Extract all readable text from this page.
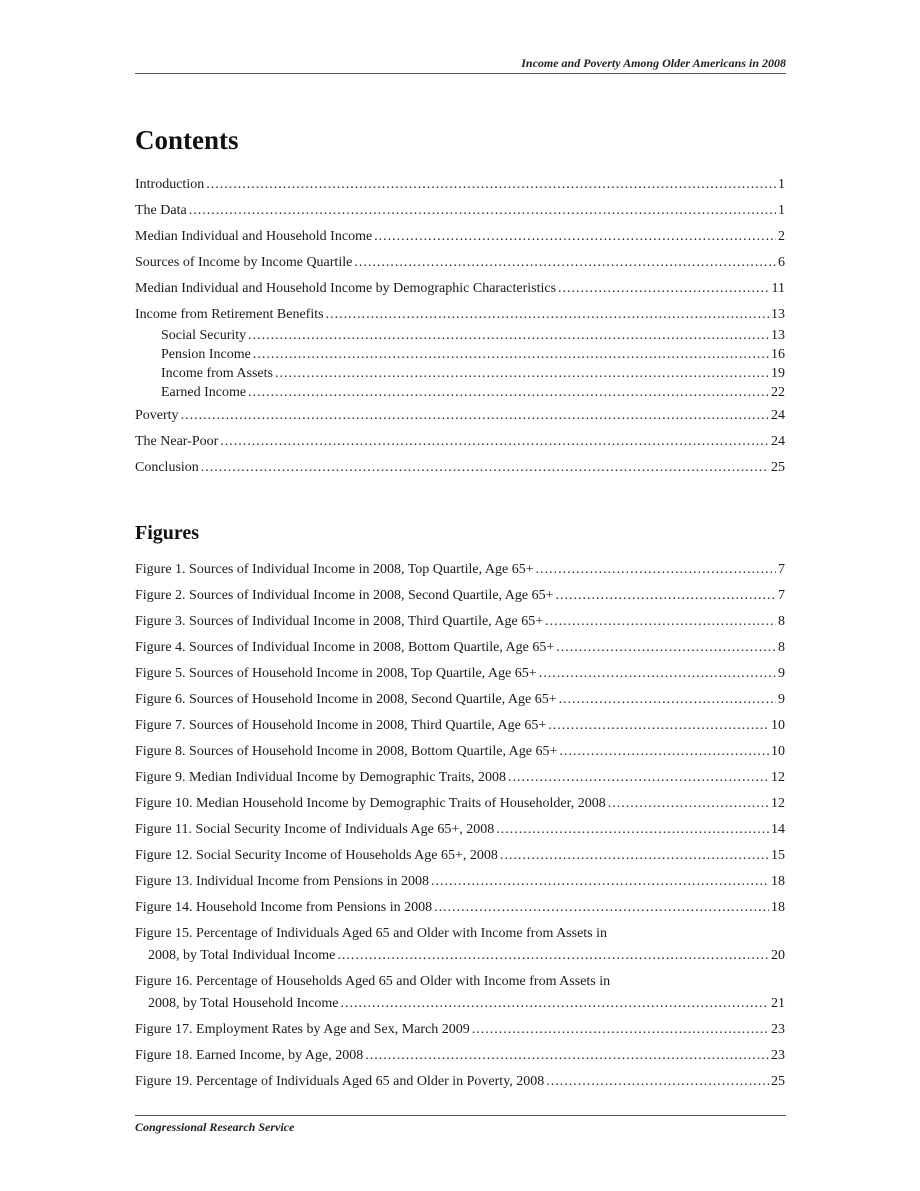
Income and Poverty Among Older Americans in 2008
Contents
Introduction .....	1
The Data .....	1
Median Individual and Household Income .....	2
Sources of Income by Income Quartile .....	6
Median Individual and Household Income by Demographic Characteristics .....	11
Income from Retirement Benefits .....	13
Social Security .....	13
Pension Income .....	16
Income from Assets .....	19
Earned Income .....	22
Poverty .....	24
The Near-Poor .....	24
Conclusion .....	25
Figures
Figure 1. Sources of Individual Income in 2008, Top Quartile, Age 65+ .....	7
Figure 2. Sources of Individual Income in 2008, Second Quartile, Age 65+ .....	7
Figure 3. Sources of Individual Income in 2008, Third Quartile, Age 65+ .....	8
Figure 4. Sources of Individual Income in 2008, Bottom Quartile, Age 65+ .....	8
Figure 5. Sources of Household Income in 2008, Top Quartile, Age 65+ .....	9
Figure 6. Sources of Household Income in 2008, Second Quartile, Age 65+ .....	9
Figure 7. Sources of Household Income in 2008, Third Quartile, Age 65+ .....	10
Figure 8. Sources of Household Income in 2008, Bottom Quartile, Age 65+ .....	10
Figure 9. Median Individual Income by Demographic Traits, 2008 .....	12
Figure 10. Median Household Income by Demographic Traits of Householder, 2008 .....	12
Figure 11. Social Security Income of Individuals Age 65+, 2008 .....	14
Figure 12. Social Security Income of Households Age 65+, 2008 .....	15
Figure 13. Individual Income from Pensions in 2008 .....	18
Figure 14. Household Income from Pensions in 2008 .....	18
Figure 15. Percentage of Individuals Aged 65 and Older with Income from Assets in
2008, by Total Individual Income .....	20
Figure 16. Percentage of Households Aged 65 and Older with Income from Assets in
2008, by Total Household Income .....	21
Figure 17. Employment Rates by Age and Sex, March 2009 .....	23
Figure 18. Earned Income, by Age, 2008 .....	23
Figure 19. Percentage of Individuals Aged 65 and Older in Poverty, 2008 .....	25
Congressional Research Service
